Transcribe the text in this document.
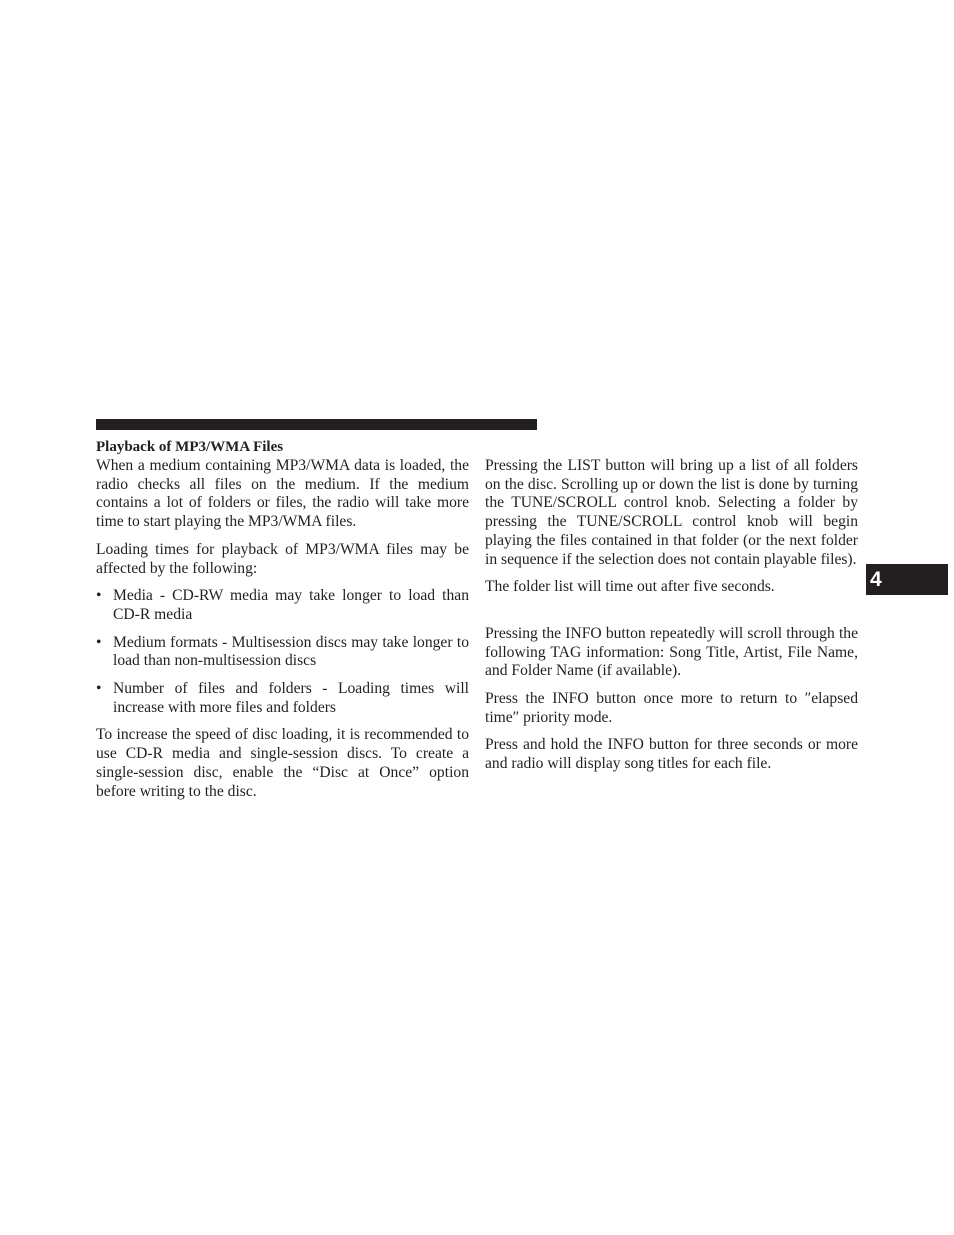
Playback of MP3/WMA Files

When a medium containing MP3/WMA data is loaded, the radio checks all files on the medium. If the medium contains a lot of folders or files, the radio will take more time to start playing the MP3/WMA files.

Loading times for playback of MP3/WMA files may be affected by the following:

• Media - CD-RW media may take longer to load than CD-R media
• Medium formats - Multisession discs may take longer to load than non-multisession discs
• Number of files and folders - Loading times will increase with more files and folders

To increase the speed of disc loading, it is recommended to use CD-R media and single-session discs. To create a single-session disc, enable the “Disc at Once” option before writing to the disc.

Pressing the LIST button will bring up a list of all folders on the disc. Scrolling up or down the list is done by turning the TUNE/SCROLL control knob. Selecting a folder by pressing the TUNE/SCROLL control knob will begin playing the files contained in that folder (or the next folder in sequence if the selection does not contain playable files).

The folder list will time out after five seconds.

Pressing the INFO button repeatedly will scroll through the following TAG information: Song Title, Artist, File Name, and Folder Name (if available).

Press the INFO button once more to return to ″elapsed time″ priority mode.

Press and hold the INFO button for three seconds or more and radio will display song titles for each file.

4
